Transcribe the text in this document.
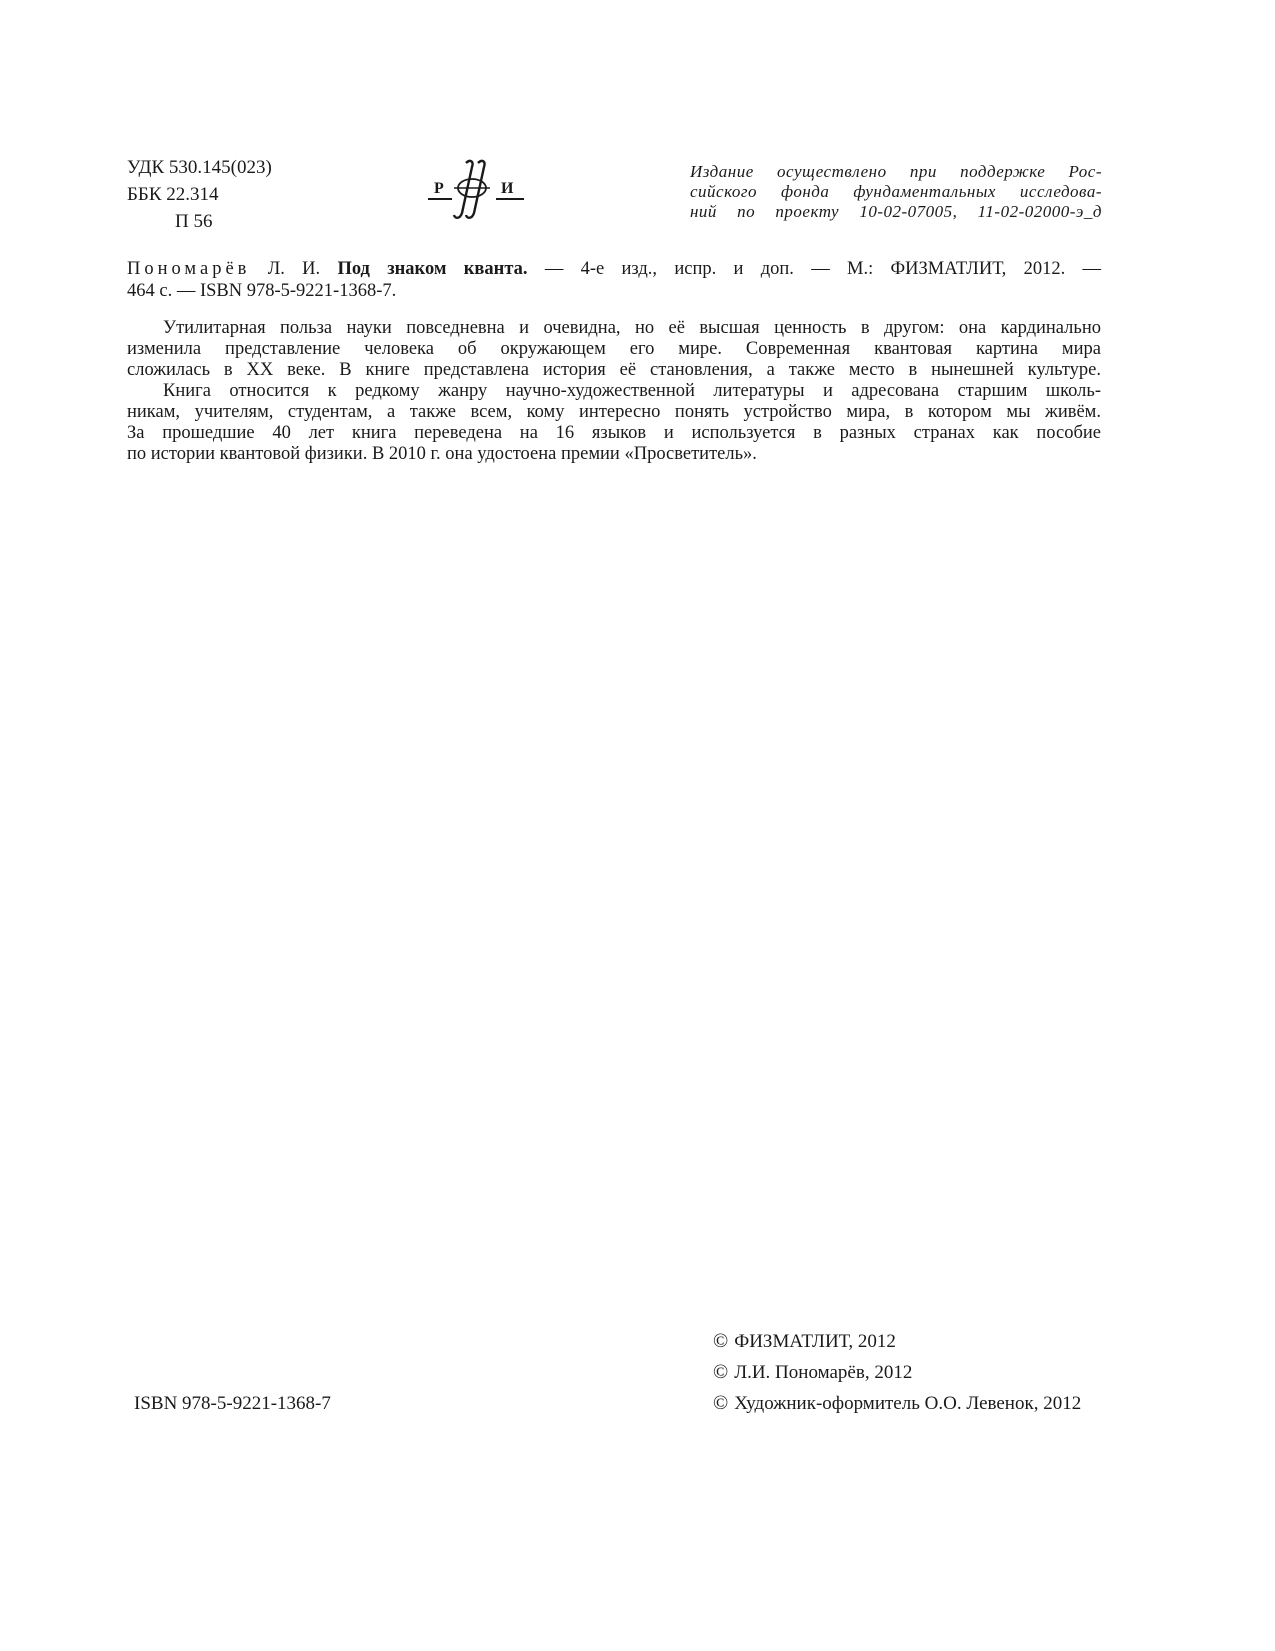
УДК 530.145(023)
ББК 22.314
П 56
Р	И
Издание осуществлено при поддержке Рос-
сийского фонда фундаментальных исследова-
ний по проекту 10-02-07005, 11-02-02000-э_д
Пономарёв Л. И. Под знаком кванта. — 4-е изд., испр. и доп. — М.: ФИЗМАТЛИТ, 2012. —
464 с. — ISBN 978-5-9221-1368-7.
Утилитарная польза науки повседневна и очевидна, но её высшая ценность в другом: она кардинально
изменила представление человека об окружающем его мире. Современная квантовая картина мира
сложилась в XX веке. В книге представлена история её становления, а также место в нынешней культуре.
Книга относится к редкому жанру научно-художественной литературы и адресована старшим школь-
никам, учителям, студентам, а также всем, кому интересно понять устройство мира, в котором мы живём.
За прошедшие 40 лет книга переведена на 16 языков и используется в разных странах как пособие
по истории квантовой физики. В 2010 г. она удостоена премии «Просветитель».
ISBN 978-5-9221-1368-7
© ФИЗМАТЛИТ, 2012
© Л.И. Пономарёв, 2012
© Художник-оформитель О.О. Левенок, 2012
